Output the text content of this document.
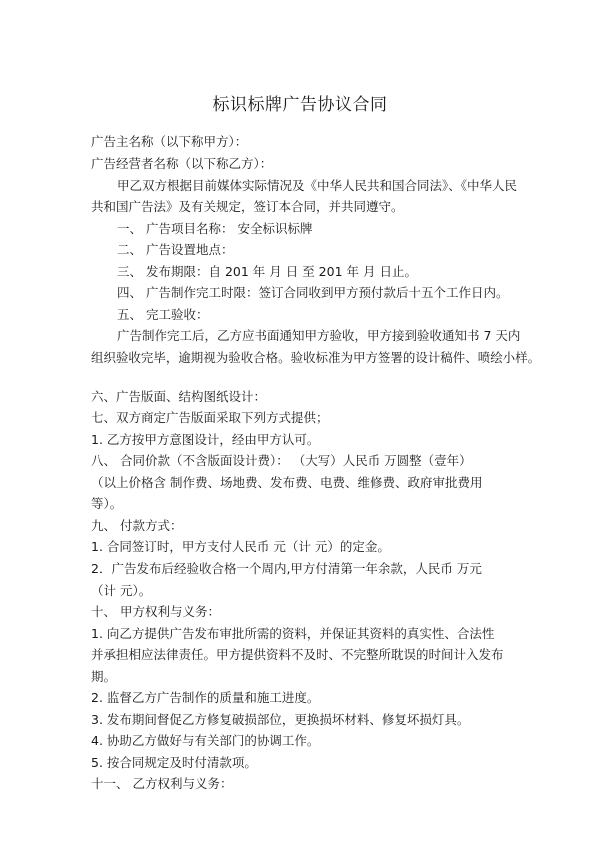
标识标牌广告协议合同
广告主名称（以下称甲方）：
广告经营者名称（以下称乙方）：
甲乙双方根据目前媒体实际情况及《中华人民共和国合同法》、《中华人民
共和国广告法》及有关规定，签订本合同，并共同遵守。
一、 广告项目名称： 安全标识标牌
二、 广告设置地点：
三、 发布期限：自 201 年 月 日 至 201 年 月 日止。
四、 广告制作完工时限：签订合同收到甲方预付款后十五个工作日内。
五、 完工验收：
广告制作完工后，乙方应书面通知甲方验收，甲方接到验收通知书 7 天内
组织验收完毕，逾期视为验收合格。验收标准为甲方签署的设计稿件、喷绘小样。
六、广告版面、结构图纸设计：
七、双方商定广告版面采取下列方式提供；
1. 乙方按甲方意图设计，经由甲方认可。
八、 合同价款（不含版面设计费）： （大写）人民币 万圆整（壹年）
（以上价格含 制作费、场地费、发布费、电费、维修费、政府审批费用
等）。
九、 付款方式：
1. 合同签订时，甲方支付人民币 元（计 元）的定金。
2．广告发布后经验收合格一个周内,甲方付清第一年余款，人民币 万元
（计 元）。
十、 甲方权利与义务：
1. 向乙方提供广告发布审批所需的资料，并保证其资料的真实性、合法性
并承担相应法律责任。甲方提供资料不及时、不完整所耽误的时间计入发布
期。
2. 监督乙方广告制作的质量和施工进度。
3. 发布期间督促乙方修复破损部位，更换损坏材料、修复坏损灯具。
4. 协助乙方做好与有关部门的协调工作。
5. 按合同规定及时付清款项。
十一、 乙方权利与义务：
